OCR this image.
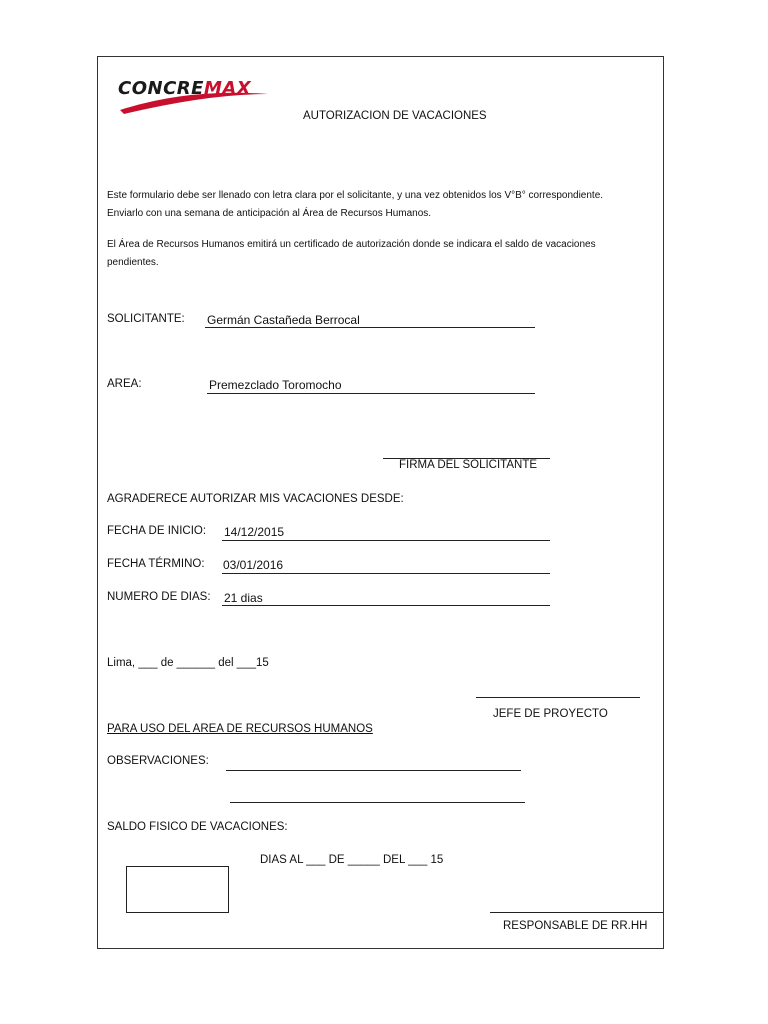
CONCREMAX
AUTORIZACION DE VACACIONES
Este formulario debe ser llenado con letra clara por el solicitante, y una vez obtenidos los V°B° correspondiente.
Enviarlo con una semana de anticipación al Área de Recursos Humanos.
El Área de Recursos Humanos emitirá un certificado de autorización donde se indicara el saldo de vacaciones
pendientes.
SOLICITANTE: Germán Castañeda Berrocal
AREA:	Premezclado Toromocho
FIRMA DEL SOLICITANTE
AGRADERECE AUTORIZAR MIS VACACIONES DESDE:
FECHA DE INICIO: 14/12/2015
FECHA TÉRMINO: 03/01/2016
NUMERO DE DIAS: 21 dias
Lima, ___ de ______ del ___15
JEFE DE PROYECTO
PARA USO DEL AREA DE RECURSOS HUMANOS
OBSERVACIONES:
SALDO FISICO DE VACACIONES:
DIAS AL ___ DE _____ DEL ___ 15
RESPONSABLE DE RR.HH
